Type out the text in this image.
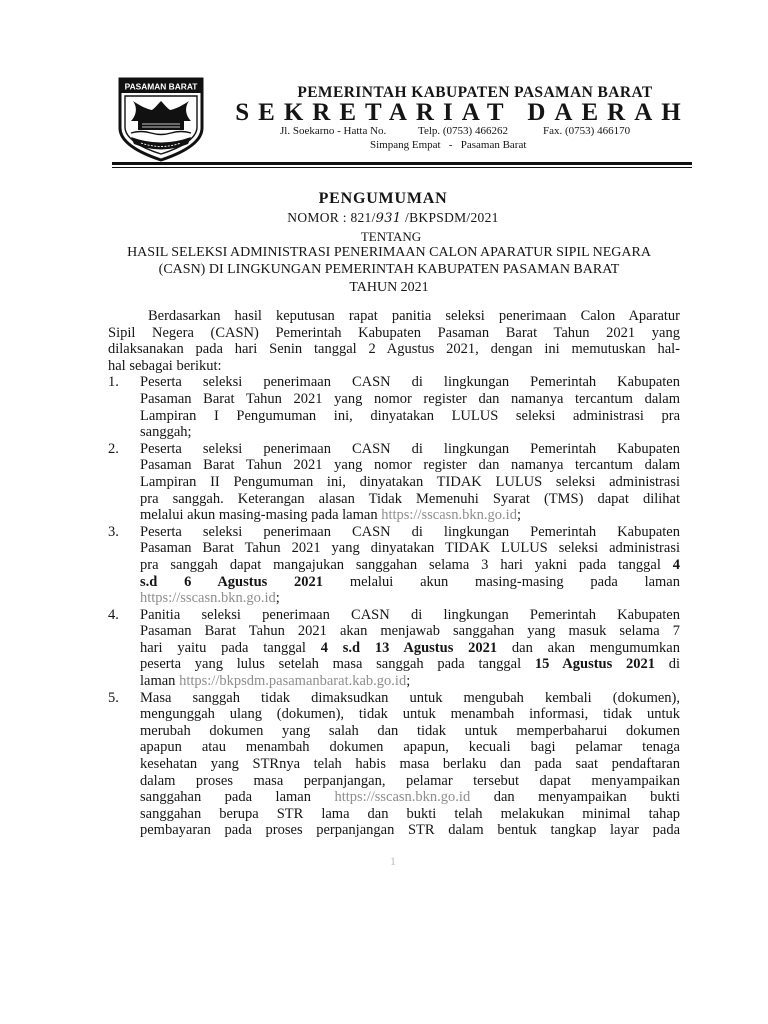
PASAMAN BARAT	PEMERINTAH KABUPATEN PASAMAN BARAT
SEKRETARIAT DAERAH
Jl. Soekarno - Hatta No.	Telp. (0753) 466262	Fax. (0753) 466170
Simpang Empat   -   Pasaman Barat
PENGUMUMAN
NOMOR : 821/931 /BKPSDM/2021
TENTANG
HASIL SELEKSI ADMINISTRASI PENERIMAAN CALON APARATUR SIPIL NEGARA
(CASN) DI LINGKUNGAN PEMERINTAH KABUPATEN PASAMAN BARAT
TAHUN 2021
Berdasarkan hasil keputusan rapat panitia seleksi penerimaan Calon Aparatur
Sipil Negera (CASN) Pemerintah Kabupaten Pasaman Barat Tahun 2021 yang
dilaksanakan pada hari Senin tanggal 2 Agustus 2021, dengan ini memutuskan hal-
hal sebagai berikut:
1.	Peserta seleksi penerimaan CASN di lingkungan Pemerintah Kabupaten
Pasaman Barat Tahun 2021 yang nomor register dan namanya tercantum dalam
Lampiran I Pengumuman ini, dinyatakan LULUS seleksi administrasi pra
sanggah;
2.	Peserta seleksi penerimaan CASN di lingkungan Pemerintah Kabupaten
Pasaman Barat Tahun 2021 yang nomor register dan namanya tercantum dalam
Lampiran II Pengumuman ini, dinyatakan TIDAK LULUS seleksi administrasi
pra sanggah. Keterangan alasan Tidak Memenuhi Syarat (TMS) dapat dilihat
melalui akun masing-masing pada laman https://sscasn.bkn.go.id;
3.	Peserta seleksi penerimaan CASN di lingkungan Pemerintah Kabupaten
Pasaman Barat Tahun 2021 yang dinyatakan TIDAK LULUS seleksi administrasi
pra sanggah dapat mangajukan sanggahan selama 3 hari yakni pada tanggal 4
s.d 6 Agustus 2021 melalui akun masing-masing pada laman
https://sscasn.bkn.go.id;
4.	Panitia seleksi penerimaan CASN di lingkungan Pemerintah Kabupaten
Pasaman Barat Tahun 2021 akan menjawab sanggahan yang masuk selama 7
hari yaitu pada tanggal 4 s.d 13 Agustus 2021 dan akan mengumumkan
peserta yang lulus setelah masa sanggah pada tanggal 15 Agustus 2021 di
laman https://bkpsdm.pasamanbarat.kab.go.id;
5.	Masa sanggah tidak dimaksudkan untuk mengubah kembali (dokumen),
mengunggah ulang (dokumen), tidak untuk menambah informasi, tidak untuk
merubah dokumen yang salah dan tidak untuk memperbaharui dokumen
apapun atau menambah dokumen apapun, kecuali bagi pelamar tenaga
kesehatan yang STRnya telah habis masa berlaku dan pada saat pendaftaran
dalam proses masa perpanjangan, pelamar tersebut dapat menyampaikan
sanggahan pada laman https://sscasn.bkn.go.id dan menyampaikan bukti
sanggahan berupa STR lama dan bukti telah melakukan minimal tahap
pembayaran pada proses perpanjangan STR dalam bentuk tangkap layar pada
1
